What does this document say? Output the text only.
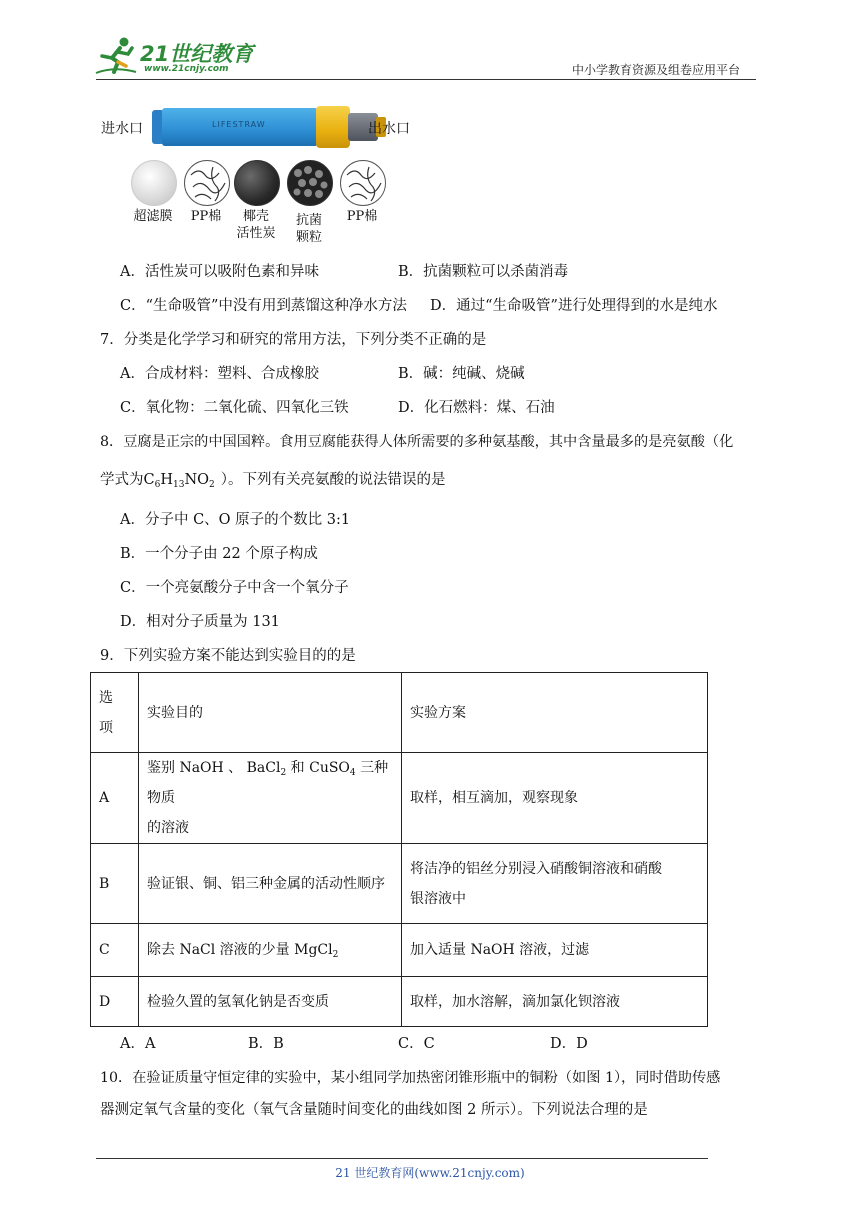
21世纪教育
www.21cnjy.com	中小学教育资源及组卷应用平台
进水口	LIFESTRAW	出水口
超滤膜	PP棉	椰壳
活性炭
抗菌
颗粒
PP棉
A．活性炭可以吸附色素和异味	B．抗菌颗粒可以杀菌消毒
C．“生命吸管”中没有用到蒸馏这种净水方法 D．通过“生命吸管”进行处理得到的水是纯水
7．分类是化学学习和研究的常用方法，下列分类不正确的是
A．合成材料：塑料、合成橡胶	B．碱：纯碱、烧碱
C．氧化物：二氧化硫、四氧化三铁	D．化石燃料：煤、石油
8．豆腐是正宗的中国国粹。食用豆腐能获得人体所需要的多种氨基酸，其中含量最多的是亮氨酸（化
学式为$C_6H_{13}NO_2$ ）。下列有关亮氨酸的说法错误的是
A．分子中 C、O 原子的个数比 3:1
B．一个分子由 22 个原子构成
C．一个亮氨酸分子中含一个氧分子
D．相对分子质量为 131
9．下列实验方案不能达到实验目的的是
选
项	实验目的	实验方案
A	鉴别 NaOH 、 BaCl$_2$ 和 CuSO$_4$ 三种物质
的溶液	取样，相互滴加，观察现象
B	验证银、铜、铝三种金属的活动性顺序	将洁净的铝丝分别浸入硝酸铜溶液和硝酸
银溶液中
C	除去 NaCl 溶液的少量 MgCl$_2$	加入适量 NaOH 溶液，过滤
D	检验久置的氢氧化钠是否变质	取样，加水溶解，滴加氯化钡溶液
A．A	B．B	C．C	D．D
10．在验证质量守恒定律的实验中，某小组同学加热密闭锥形瓶中的铜粉（如图 1），同时借助传感
器测定氧气含量的变化（氧气含量随时间变化的曲线如图 2 所示）。下列说法合理的是
21 世纪教育网(www.21cnjy.com)
